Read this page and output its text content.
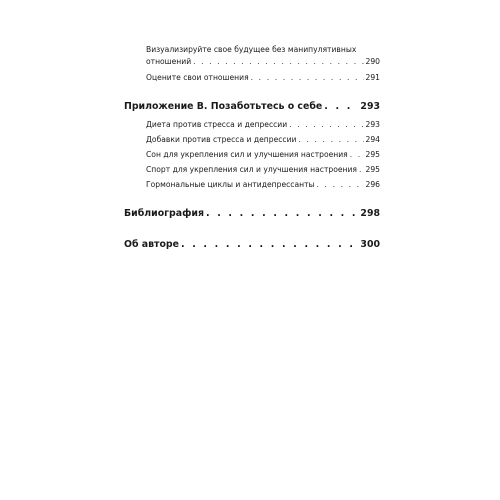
Визуализируйте свое будущее без манипулятивных
отношений . . .	290
Оцените свои отношения . . .	291
Приложение В. Позаботьтесь о себе . . .	293
Диета против стресса и депрессии . . .	293
Добавки против стресса и депрессии . . .	294
Сон для укрепления сил и улучшения настроения . . . 295
Спорт для укрепления сил и улучшения настроения . . . 295
Гормональные циклы и антидепрессанты . . .	296
Библиография . . .	298
Об авторе . . .	300
